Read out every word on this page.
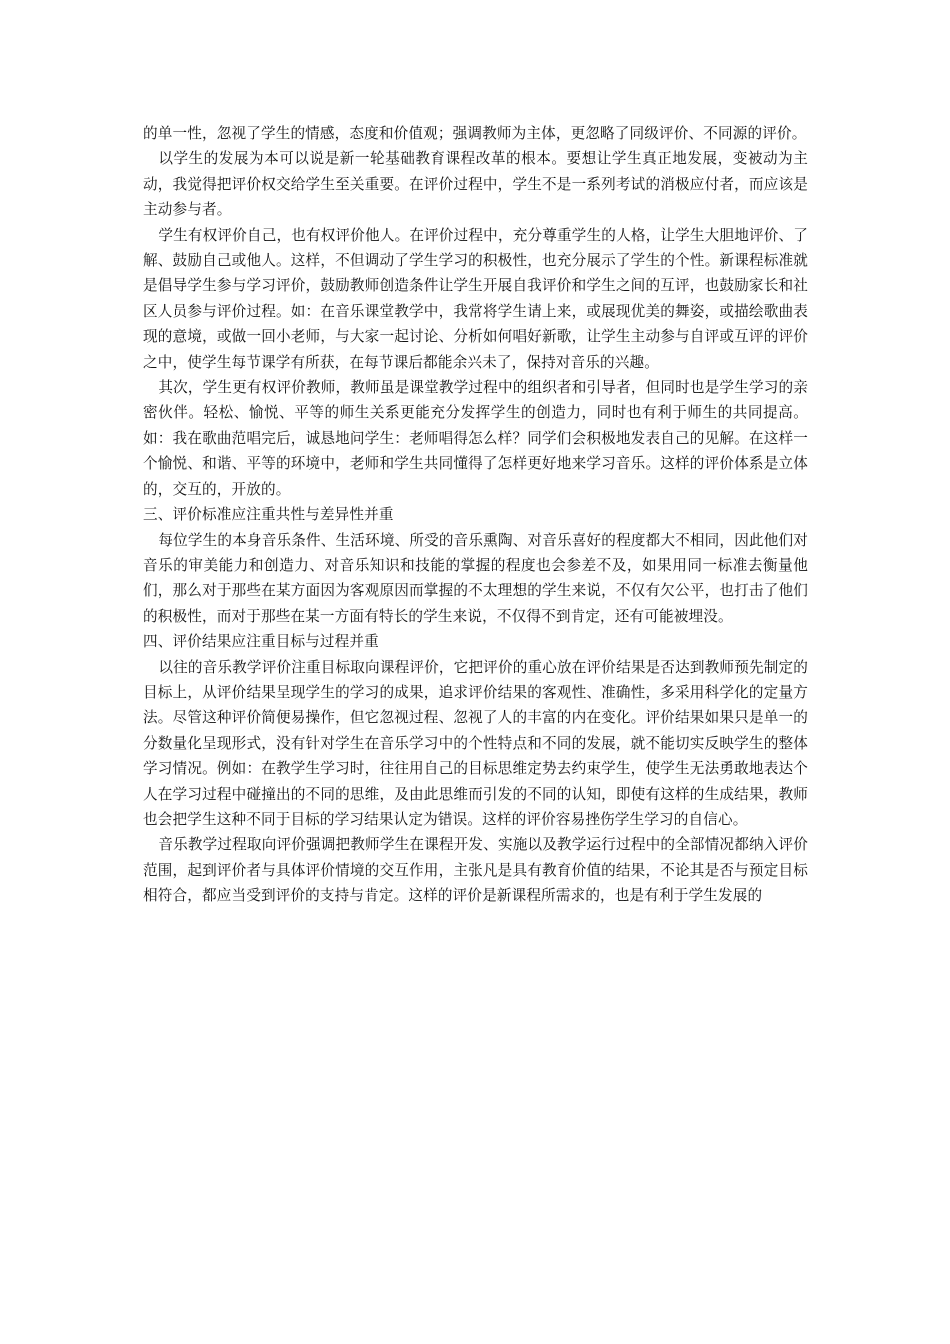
的单一性，忽视了学生的情感，态度和价值观；强调教师为主体，更忽略了同级评价、不同源的评价。

以学生的发展为本可以说是新一轮基础教育课程改革的根本。要想让学生真正地发展，变被动为主动，我觉得把评价权交给学生至关重要。在评价过程中，学生不是一系列考试的消极应付者，而应该是主动参与者。

学生有权评价自己，也有权评价他人。在评价过程中，充分尊重学生的人格，让学生大胆地评价、了解、鼓励自己或他人。这样，不但调动了学生学习的积极性，也充分展示了学生的个性。新课程标准就是倡导学生参与学习评价，鼓励教师创造条件让学生开展自我评价和学生之间的互评，也鼓励家长和社区人员参与评价过程。如：在音乐课堂教学中，我常将学生请上来，或展现优美的舞姿，或描绘歌曲表现的意境，或做一回小老师，与大家一起讨论、分析如何唱好新歌，让学生主动参与自评或互评的评价之中，使学生每节课学有所获，在每节课后都能余兴未了，保持对音乐的兴趣。

其次，学生更有权评价教师，教师虽是课堂教学过程中的组织者和引导者，但同时也是学生学习的亲密伙伴。轻松、愉悦、平等的师生关系更能充分发挥学生的创造力，同时也有利于师生的共同提高。如：我在歌曲范唱完后，诚恳地问学生：老师唱得怎么样？同学们会积极地发表自己的见解。在这样一个愉悦、和谐、平等的环境中，老师和学生共同懂得了怎样更好地来学习音乐。这样的评价体系是立体的，交互的，开放的。

三、评价标准应注重共性与差异性并重

每位学生的本身音乐条件、生活环境、所受的音乐熏陶、对音乐喜好的程度都大不相同，因此他们对音乐的审美能力和创造力、对音乐知识和技能的掌握的程度也会参差不及，如果用同一标准去衡量他们，那么对于那些在某方面因为客观原因而掌握的不太理想的学生来说，不仅有欠公平，也打击了他们的积极性，而对于那些在某一方面有特长的学生来说，不仅得不到肯定，还有可能被埋没。

四、评价结果应注重目标与过程并重

以往的音乐教学评价注重目标取向课程评价，它把评价的重心放在评价结果是否达到教师预先制定的目标上，从评价结果呈现学生的学习的成果，追求评价结果的客观性、准确性，多采用科学化的定量方法。尽管这种评价简便易操作，但它忽视过程、忽视了人的丰富的内在变化。评价结果如果只是单一的分数量化呈现形式，没有针对学生在音乐学习中的个性特点和不同的发展，就不能切实反映学生的整体学习情况。例如：在教学生学习时，往往用自己的目标思维定势去约束学生，使学生无法勇敢地表达个人在学习过程中碰撞出的不同的思维，及由此思维而引发的不同的认知，即使有这样的生成结果，教师也会把学生这种不同于目标的学习结果认定为错误。这样的评价容易挫伤学生学习的自信心。

音乐教学过程取向评价强调把教师学生在课程开发、实施以及教学运行过程中的全部情况都纳入评价范围，起到评价者与具体评价情境的交互作用，主张凡是具有教育价值的结果，不论其是否与预定目标相符合，都应当受到评价的支持与肯定。这样的评价是新课程所需求的，也是有利于学生发展的
